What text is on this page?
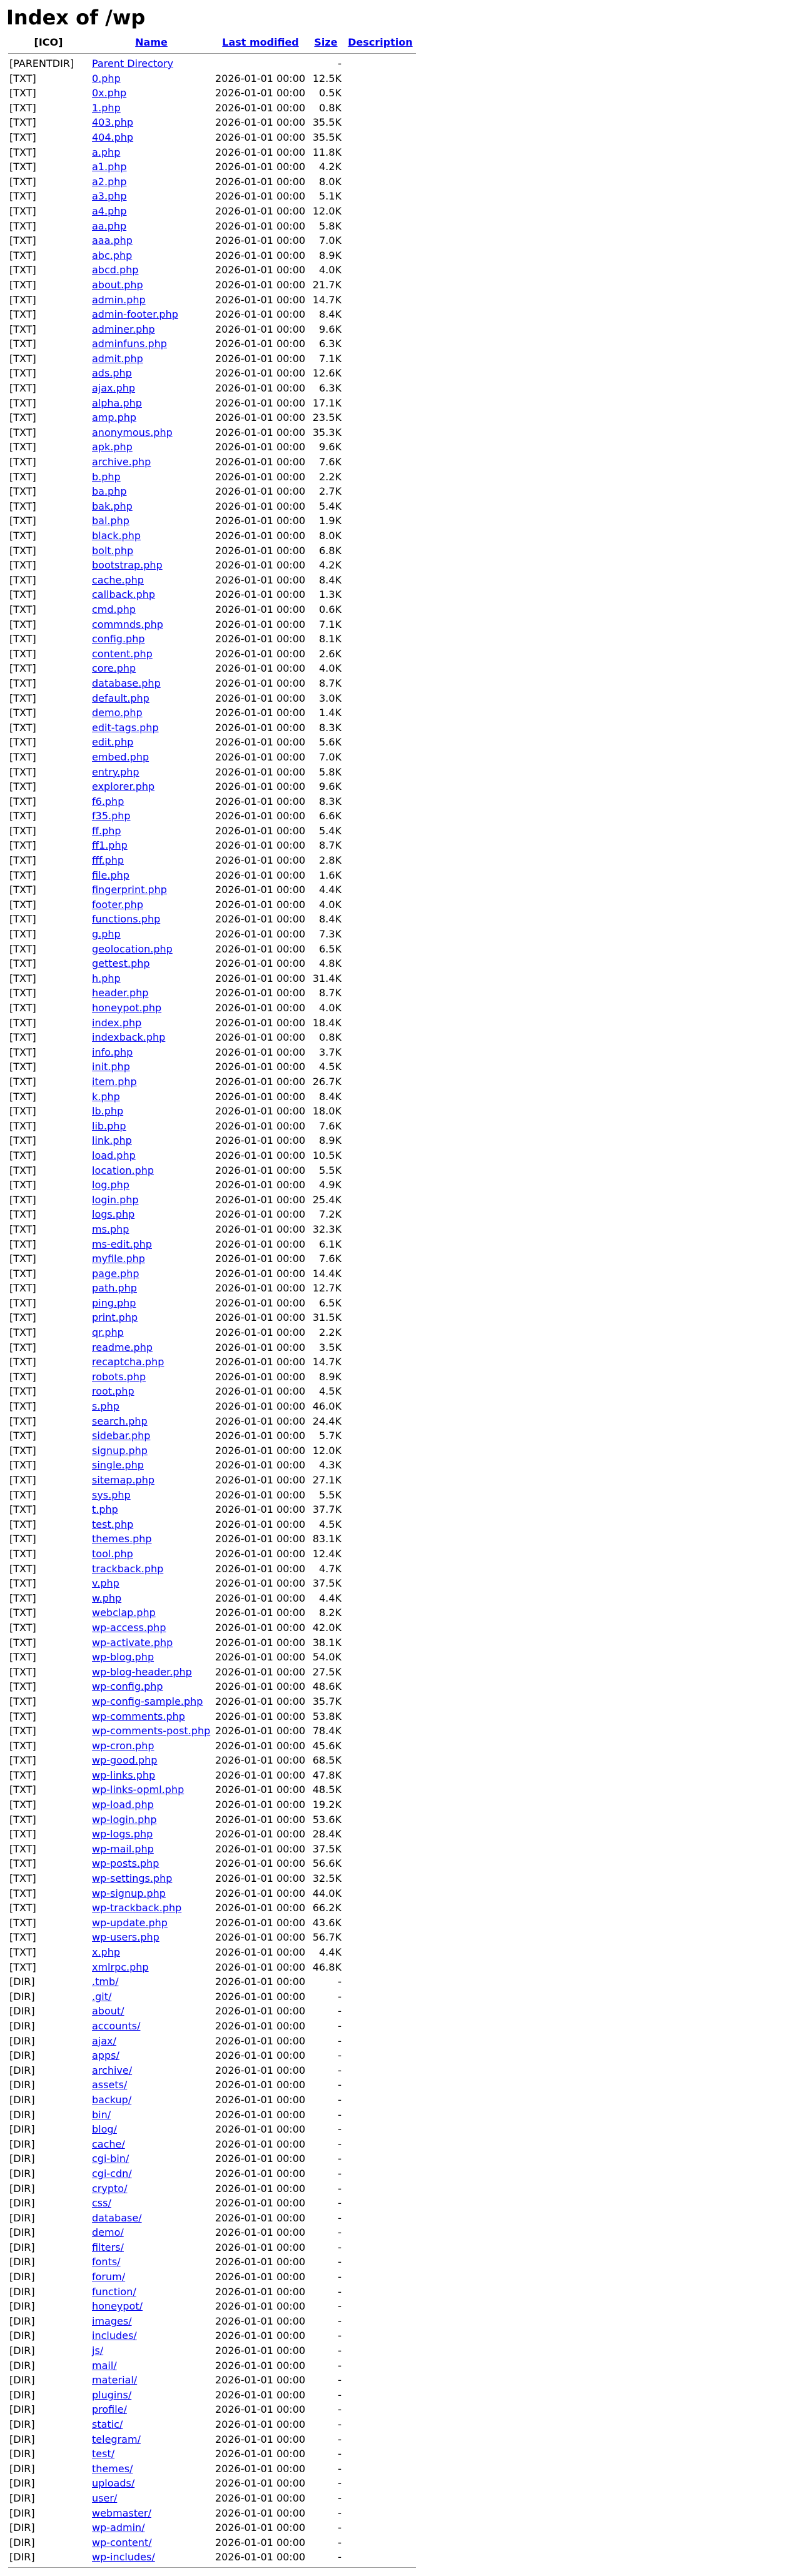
Index of /wp
[ICO]	Name	Last modified	Size	Description

[PARENTDIR]	Parent Directory		-	
[TXT]	0.php	2026-01-01 00:00	12.5K	
[TXT]	0x.php	2026-01-01 00:00	0.5K	
[TXT]	1.php	2026-01-01 00:00	0.8K	
[TXT]	403.php	2026-01-01 00:00	35.5K	
[TXT]	404.php	2026-01-01 00:00	35.5K	
[TXT]	a.php	2026-01-01 00:00	11.8K	
[TXT]	a1.php	2026-01-01 00:00	4.2K	
[TXT]	a2.php	2026-01-01 00:00	8.0K	
[TXT]	a3.php	2026-01-01 00:00	5.1K	
[TXT]	a4.php	2026-01-01 00:00	12.0K	
[TXT]	aa.php	2026-01-01 00:00	5.8K	
[TXT]	aaa.php	2026-01-01 00:00	7.0K	
[TXT]	abc.php	2026-01-01 00:00	8.9K	
[TXT]	abcd.php	2026-01-01 00:00	4.0K	
[TXT]	about.php	2026-01-01 00:00	21.7K	
[TXT]	admin.php	2026-01-01 00:00	14.7K	
[TXT]	admin-footer.php	2026-01-01 00:00	8.4K	
[TXT]	adminer.php	2026-01-01 00:00	9.6K	
[TXT]	adminfuns.php	2026-01-01 00:00	6.3K	
[TXT]	admit.php	2026-01-01 00:00	7.1K	
[TXT]	ads.php	2026-01-01 00:00	12.6K	
[TXT]	ajax.php	2026-01-01 00:00	6.3K	
[TXT]	alpha.php	2026-01-01 00:00	17.1K	
[TXT]	amp.php	2026-01-01 00:00	23.5K	
[TXT]	anonymous.php	2026-01-01 00:00	35.3K	
[TXT]	apk.php	2026-01-01 00:00	9.6K	
[TXT]	archive.php	2026-01-01 00:00	7.6K	
[TXT]	b.php	2026-01-01 00:00	2.2K	
[TXT]	ba.php	2026-01-01 00:00	2.7K	
[TXT]	bak.php	2026-01-01 00:00	5.4K	
[TXT]	bal.php	2026-01-01 00:00	1.9K	
[TXT]	black.php	2026-01-01 00:00	8.0K	
[TXT]	bolt.php	2026-01-01 00:00	6.8K	
[TXT]	bootstrap.php	2026-01-01 00:00	4.2K	
[TXT]	cache.php	2026-01-01 00:00	8.4K	
[TXT]	callback.php	2026-01-01 00:00	1.3K	
[TXT]	cmd.php	2026-01-01 00:00	0.6K	
[TXT]	commnds.php	2026-01-01 00:00	7.1K	
[TXT]	config.php	2026-01-01 00:00	8.1K	
[TXT]	content.php	2026-01-01 00:00	2.6K	
[TXT]	core.php	2026-01-01 00:00	4.0K	
[TXT]	database.php	2026-01-01 00:00	8.7K	
[TXT]	default.php	2026-01-01 00:00	3.0K	
[TXT]	demo.php	2026-01-01 00:00	1.4K	
[TXT]	edit-tags.php	2026-01-01 00:00	8.3K	
[TXT]	edit.php	2026-01-01 00:00	5.6K	
[TXT]	embed.php	2026-01-01 00:00	7.0K	
[TXT]	entry.php	2026-01-01 00:00	5.8K	
[TXT]	explorer.php	2026-01-01 00:00	9.6K	
[TXT]	f6.php	2026-01-01 00:00	8.3K	
[TXT]	f35.php	2026-01-01 00:00	6.6K	
[TXT]	ff.php	2026-01-01 00:00	5.4K	
[TXT]	ff1.php	2026-01-01 00:00	8.7K	
[TXT]	fff.php	2026-01-01 00:00	2.8K	
[TXT]	file.php	2026-01-01 00:00	1.6K	
[TXT]	fingerprint.php	2026-01-01 00:00	4.4K	
[TXT]	footer.php	2026-01-01 00:00	4.0K	
[TXT]	functions.php	2026-01-01 00:00	8.4K	
[TXT]	g.php	2026-01-01 00:00	7.3K	
[TXT]	geolocation.php	2026-01-01 00:00	6.5K	
[TXT]	gettest.php	2026-01-01 00:00	4.8K	
[TXT]	h.php	2026-01-01 00:00	31.4K	
[TXT]	header.php	2026-01-01 00:00	8.7K	
[TXT]	honeypot.php	2026-01-01 00:00	4.0K	
[TXT]	index.php	2026-01-01 00:00	18.4K	
[TXT]	indexback.php	2026-01-01 00:00	0.8K	
[TXT]	info.php	2026-01-01 00:00	3.7K	
[TXT]	init.php	2026-01-01 00:00	4.5K	
[TXT]	item.php	2026-01-01 00:00	26.7K	
[TXT]	k.php	2026-01-01 00:00	8.4K	
[TXT]	lb.php	2026-01-01 00:00	18.0K	
[TXT]	lib.php	2026-01-01 00:00	7.6K	
[TXT]	link.php	2026-01-01 00:00	8.9K	
[TXT]	load.php	2026-01-01 00:00	10.5K	
[TXT]	location.php	2026-01-01 00:00	5.5K	
[TXT]	log.php	2026-01-01 00:00	4.9K	
[TXT]	login.php	2026-01-01 00:00	25.4K	
[TXT]	logs.php	2026-01-01 00:00	7.2K	
[TXT]	ms.php	2026-01-01 00:00	32.3K	
[TXT]	ms-edit.php	2026-01-01 00:00	6.1K	
[TXT]	myfile.php	2026-01-01 00:00	7.6K	
[TXT]	page.php	2026-01-01 00:00	14.4K	
[TXT]	path.php	2026-01-01 00:00	12.7K	
[TXT]	ping.php	2026-01-01 00:00	6.5K	
[TXT]	print.php	2026-01-01 00:00	31.5K	
[TXT]	qr.php	2026-01-01 00:00	2.2K	
[TXT]	readme.php	2026-01-01 00:00	3.5K	
[TXT]	recaptcha.php	2026-01-01 00:00	14.7K	
[TXT]	robots.php	2026-01-01 00:00	8.9K	
[TXT]	root.php	2026-01-01 00:00	4.5K	
[TXT]	s.php	2026-01-01 00:00	46.0K	
[TXT]	search.php	2026-01-01 00:00	24.4K	
[TXT]	sidebar.php	2026-01-01 00:00	5.7K	
[TXT]	signup.php	2026-01-01 00:00	12.0K	
[TXT]	single.php	2026-01-01 00:00	4.3K	
[TXT]	sitemap.php	2026-01-01 00:00	27.1K	
[TXT]	sys.php	2026-01-01 00:00	5.5K	
[TXT]	t.php	2026-01-01 00:00	37.7K	
[TXT]	test.php	2026-01-01 00:00	4.5K	
[TXT]	themes.php	2026-01-01 00:00	83.1K	
[TXT]	tool.php	2026-01-01 00:00	12.4K	
[TXT]	trackback.php	2026-01-01 00:00	4.7K	
[TXT]	v.php	2026-01-01 00:00	37.5K	
[TXT]	w.php	2026-01-01 00:00	4.4K	
[TXT]	webclap.php	2026-01-01 00:00	8.2K	
[TXT]	wp-access.php	2026-01-01 00:00	42.0K	
[TXT]	wp-activate.php	2026-01-01 00:00	38.1K	
[TXT]	wp-blog.php	2026-01-01 00:00	54.0K	
[TXT]	wp-blog-header.php	2026-01-01 00:00	27.5K	
[TXT]	wp-config.php	2026-01-01 00:00	48.6K	
[TXT]	wp-config-sample.php	2026-01-01 00:00	35.7K	
[TXT]	wp-comments.php	2026-01-01 00:00	53.8K	
[TXT]	wp-comments-post.php	2026-01-01 00:00	78.4K	
[TXT]	wp-cron.php	2026-01-01 00:00	45.6K	
[TXT]	wp-good.php	2026-01-01 00:00	68.5K	
[TXT]	wp-links.php	2026-01-01 00:00	47.8K	
[TXT]	wp-links-opml.php	2026-01-01 00:00	48.5K	
[TXT]	wp-load.php	2026-01-01 00:00	19.2K	
[TXT]	wp-login.php	2026-01-01 00:00	53.6K	
[TXT]	wp-logs.php	2026-01-01 00:00	28.4K	
[TXT]	wp-mail.php	2026-01-01 00:00	37.5K	
[TXT]	wp-posts.php	2026-01-01 00:00	56.6K	
[TXT]	wp-settings.php	2026-01-01 00:00	32.5K	
[TXT]	wp-signup.php	2026-01-01 00:00	44.0K	
[TXT]	wp-trackback.php	2026-01-01 00:00	66.2K	
[TXT]	wp-update.php	2026-01-01 00:00	43.6K	
[TXT]	wp-users.php	2026-01-01 00:00	56.7K	
[TXT]	x.php	2026-01-01 00:00	4.4K	
[TXT]	xmlrpc.php	2026-01-01 00:00	46.8K	
[DIR]	.tmb/	2026-01-01 00:00	-	
[DIR]	.git/	2026-01-01 00:00	-	
[DIR]	about/	2026-01-01 00:00	-	
[DIR]	accounts/	2026-01-01 00:00	-	
[DIR]	ajax/	2026-01-01 00:00	-	
[DIR]	apps/	2026-01-01 00:00	-	
[DIR]	archive/	2026-01-01 00:00	-	
[DIR]	assets/	2026-01-01 00:00	-	
[DIR]	backup/	2026-01-01 00:00	-	
[DIR]	bin/	2026-01-01 00:00	-	
[DIR]	blog/	2026-01-01 00:00	-	
[DIR]	cache/	2026-01-01 00:00	-	
[DIR]	cgi-bin/	2026-01-01 00:00	-	
[DIR]	cgi-cdn/	2026-01-01 00:00	-	
[DIR]	crypto/	2026-01-01 00:00	-	
[DIR]	css/	2026-01-01 00:00	-	
[DIR]	database/	2026-01-01 00:00	-	
[DIR]	demo/	2026-01-01 00:00	-	
[DIR]	filters/	2026-01-01 00:00	-	
[DIR]	fonts/	2026-01-01 00:00	-	
[DIR]	forum/	2026-01-01 00:00	-	
[DIR]	function/	2026-01-01 00:00	-	
[DIR]	honeypot/	2026-01-01 00:00	-	
[DIR]	images/	2026-01-01 00:00	-	
[DIR]	includes/	2026-01-01 00:00	-	
[DIR]	js/	2026-01-01 00:00	-	
[DIR]	mail/	2026-01-01 00:00	-	
[DIR]	material/	2026-01-01 00:00	-	
[DIR]	plugins/	2026-01-01 00:00	-	
[DIR]	profile/	2026-01-01 00:00	-	
[DIR]	static/	2026-01-01 00:00	-	
[DIR]	telegram/	2026-01-01 00:00	-	
[DIR]	test/	2026-01-01 00:00	-	
[DIR]	themes/	2026-01-01 00:00	-	
[DIR]	uploads/	2026-01-01 00:00	-	
[DIR]	user/	2026-01-01 00:00	-	
[DIR]	webmaster/	2026-01-01 00:00	-	
[DIR]	wp-admin/	2026-01-01 00:00	-	
[DIR]	wp-content/	2026-01-01 00:00	-	
[DIR]	wp-includes/	2026-01-01 00:00	-	
